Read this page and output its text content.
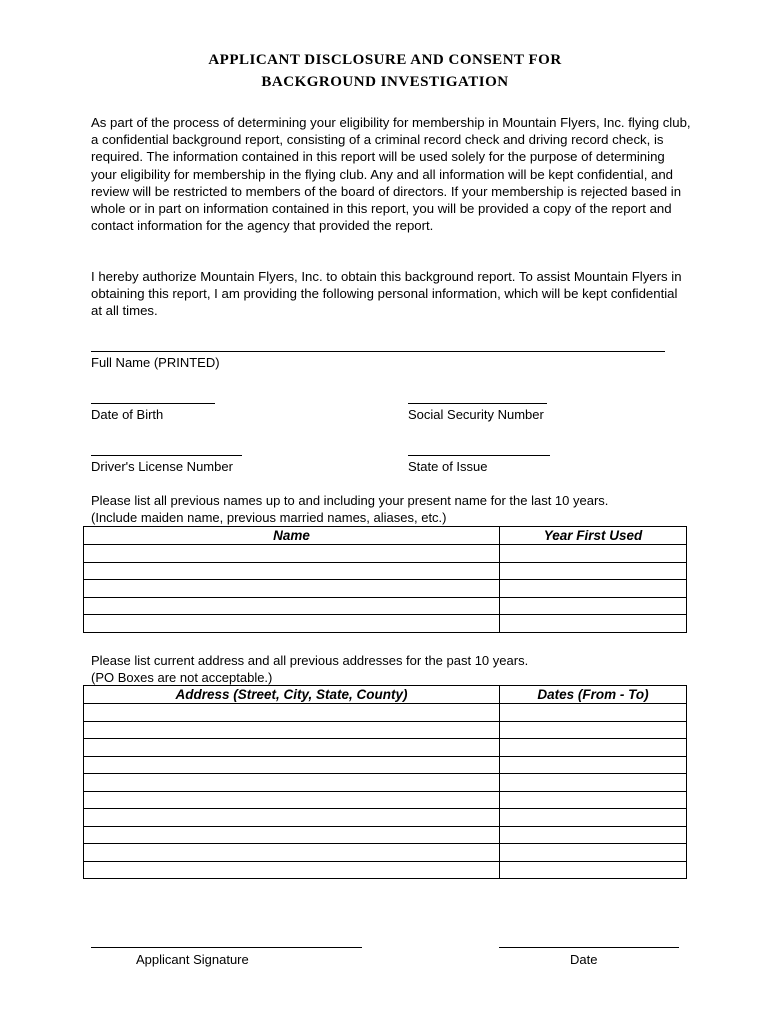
APPLICANT DISCLOSURE AND CONSENT FOR
BACKGROUND INVESTIGATION
As part of the process of determining your eligibility for membership in Mountain Flyers, Inc. flying club, a confidential background report, consisting of a criminal record check and driving record check, is required. The information contained in this report will be used solely for the purpose of determining your eligibility for membership in the flying club. Any and all information will be kept confidential, and review will be restricted to members of the board of directors. If your membership is rejected based in whole or in part on information contained in this report, you will be provided a copy of the report and contact information for the agency that provided the report.
I hereby authorize Mountain Flyers, Inc. to obtain this background report. To assist Mountain Flyers in obtaining this report, I am providing the following personal information, which will be kept confidential at all times.
Full Name (PRINTED)
Date of Birth	Social Security Number
Driver's License Number	State of Issue
Please list all previous names up to and including your present name for the last 10 years.
(Include maiden name, previous married names, aliases, etc.)
Name	Year First Used

Please list current address and all previous addresses for the past 10 years.
(PO Boxes are not acceptable.)
Address (Street, City, State, County)	Dates (From - To)

Applicant Signature	Date
